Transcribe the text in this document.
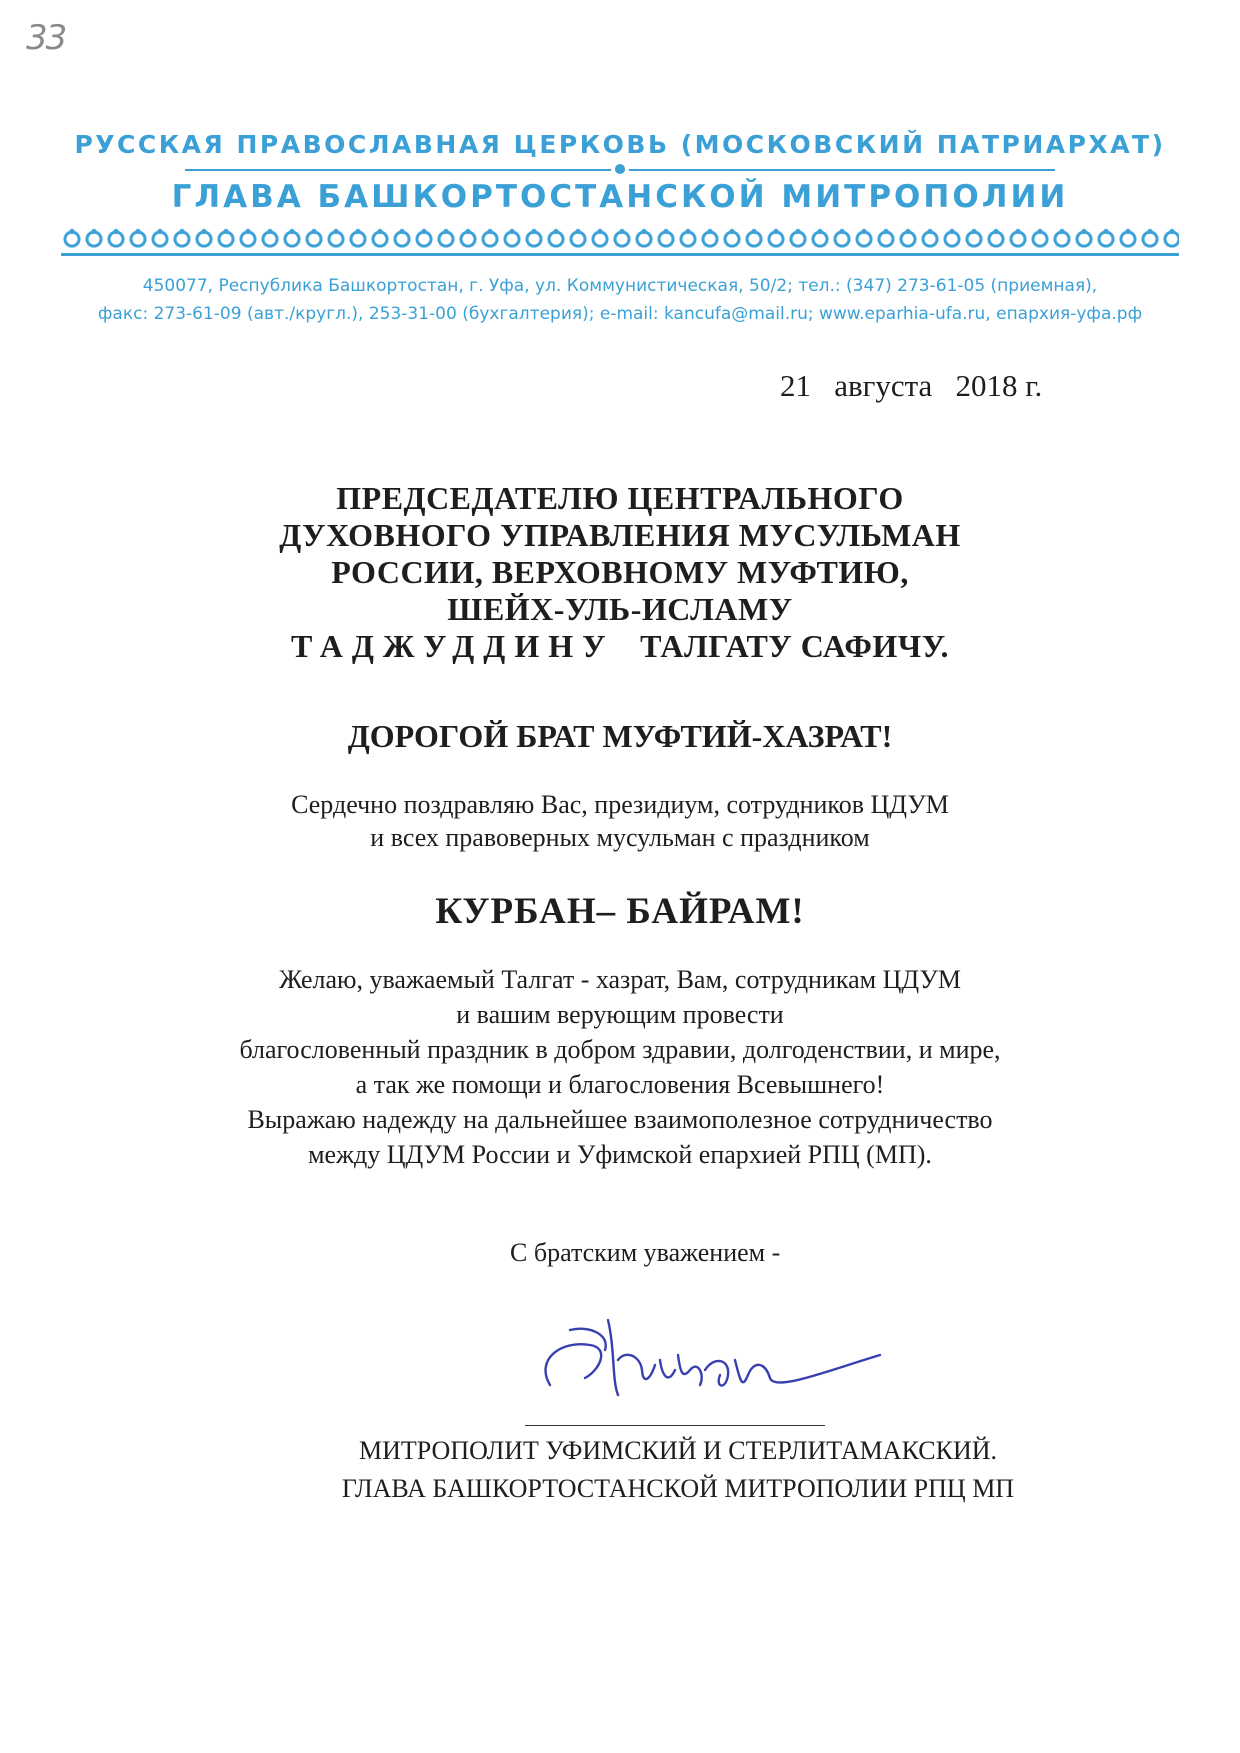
33
РУССКАЯ ПРАВОСЛАВНАЯ ЦЕРКОВЬ (МОСКОВСКИЙ ПАТРИАРХАТ)
ГЛАВА БАШКОРТОСТАНСКОЙ МИТРОПОЛИИ
450077, Республика Башкортостан, г. Уфа, ул. Коммунистическая, 50/2; тел.: (347) 273-61-05 (приемная),
факс: 273-61-09 (авт./кругл.), 253-31-00 (бухгалтерия); e-mail: kancufa@mail.ru; www.eparhia-ufa.ru, епархия-уфа.рф
21   августа   2018 г.
ПРЕДСЕДАТЕЛЮ ЦЕНТРАЛЬНОГО
ДУХОВНОГО УПРАВЛЕНИЯ МУСУЛЬМАН
РОССИИ, ВЕРХОВНОМУ МУФТИЮ,
ШЕЙХ-УЛЬ-ИСЛАМУ
ТАДЖУДДИНУ ТАЛГАТУ САФИЧУ.
ДОРОГОЙ БРАТ МУФТИЙ-ХАЗРАТ!
Сердечно поздравляю Вас, президиум, сотрудников ЦДУМ
и всех правоверных мусульман с праздником
КУРБАН– БАЙРАМ!
Желаю, уважаемый Талгат - хазрат, Вам, сотрудникам ЦДУМ
и вашим верующим провести
благословенный праздник в добром здравии, долгоденствии, и мире,
а так же помощи и благословения Всевышнего!
Выражаю надежду на дальнейшее взаимополезное сотрудничество
между ЦДУМ России и Уфимской епархией РПЦ (МП).
С братским уважением -
МИТРОПОЛИТ УФИМСКИЙ И СТЕРЛИТАМАКСКИЙ.
ГЛАВА БАШКОРТОСТАНСКОЙ МИТРОПОЛИИ РПЦ МП
